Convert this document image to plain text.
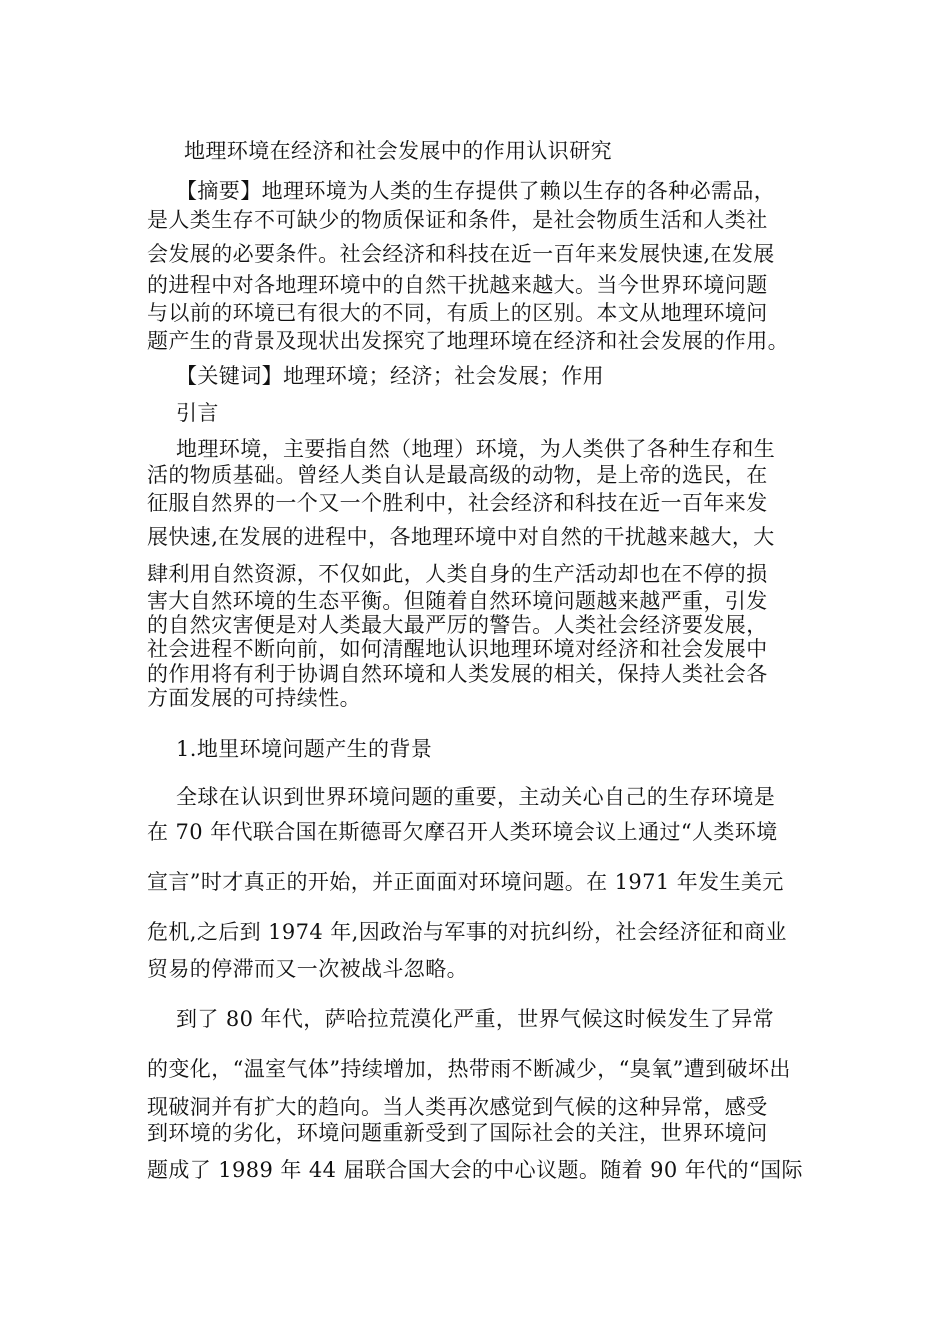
地理环境在经济和社会发展中的作用认识研究
【摘要】地理环境为人类的生存提供了赖以生存的各种必需品，
是人类生存不可缺少的物质保证和条件，是社会物质生活和人类社
会发展的必要条件。社会经济和科技在近一百年来发展快速,在发展
的进程中对各地理环境中的自然干扰越来越大。当今世界环境问题
与以前的环境已有很大的不同，有质上的区别。本文从地理环境问
题产生的背景及现状出发探究了地理环境在经济和社会发展的作用。
【关键词】地理环境；经济；社会发展；作用
引言
地理环境，主要指自然（地理）环境，为人类供了各种生存和生
活的物质基础。曾经人类自认是最高级的动物，是上帝的选民，在
征服自然界的一个又一个胜利中，社会经济和科技在近一百年来发
展快速,在发展的进程中，各地理环境中对自然的干扰越来越大，大
肆利用自然资源，不仅如此，人类自身的生产活动却也在不停的损
害大自然环境的生态平衡。但随着自然环境问题越来越严重，引发
的自然灾害便是对人类最大最严厉的警告。人类社会经济要发展，
社会进程不断向前，如何清醒地认识地理环境对经济和社会发展中
的作用将有利于协调自然环境和人类发展的相关，保持人类社会各
方面发展的可持续性。
1.地里环境问题产生的背景
全球在认识到世界环境问题的重要，主动关心自己的生存环境是
在 70 年代联合国在斯德哥欠摩召开人类环境会议上通过“人类环境
宣言”时才真正的开始，并正面面对环境问题。在 1971 年发生美元
危机,之后到 1974 年,因政治与军事的对抗纠纷，社会经济征和商业
贸易的停滞而又一次被战斗忽略。
到了 80 年代，萨哈拉荒漠化严重，世界气候这时候发生了异常
的变化，“温室气体”持续增加，热带雨不断减少，“臭氧”遭到破坏出
现破洞并有扩大的趋向。当人类再次感觉到气候的这种异常，感受
到环境的劣化，环境问题重新受到了国际社会的关注，世界环境问
题成了 1989 年 44 届联合国大会的中心议题。随着 90 年代的“国际
